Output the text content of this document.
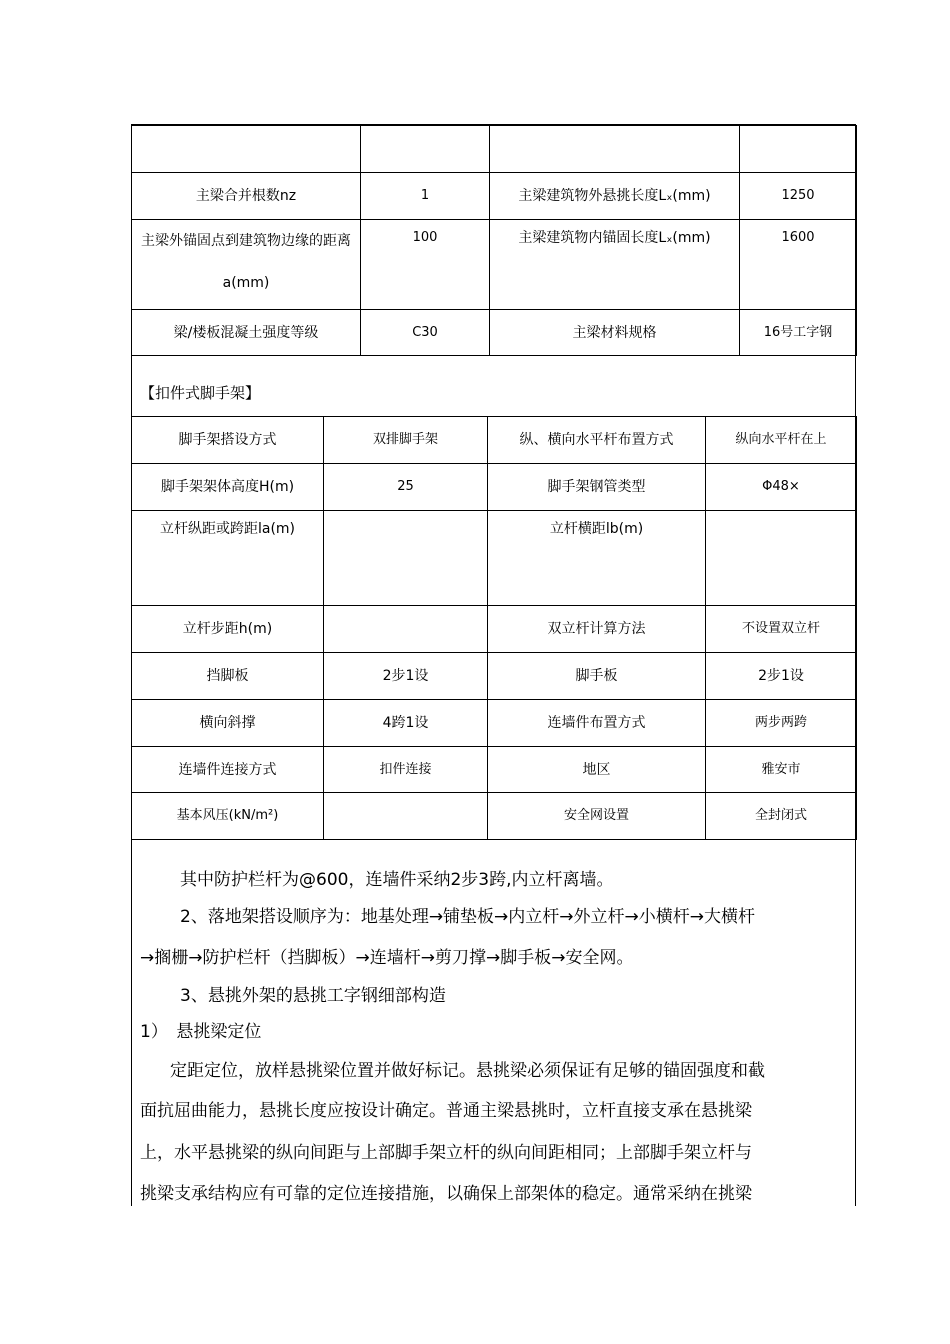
主梁合并根数nz	1	主梁建筑物外悬挑长度Lₓ(mm)	1250

主梁外锚固点到建筑物边缘的距离a(mm)	100	主梁建筑物内锚固长度Lₓ(mm)	1600
梁/楼板混凝土强度等级	C30	主梁材料规格	16号工字钢
【扣件式脚手架】
脚手架搭设方式	双排脚手架	纵、横向水平杆布置方式	纵向水平杆在上
脚手架架体高度H(m)	25	脚手架钢管类型	Φ48×
立杆纵距或跨距la(m)		立杆横距lb(m)	
立杆步距h(m)		双立杆计算方法	不设置双立杆
挡脚板	2步1设	脚手板	2步1设
横向斜撑	4跨1设	连墙件布置方式	两步两跨
连墙件连接方式	扣件连接	地区	雅安市
基本风压(kN/m²)		安全网设置	全封闭式
其中防护栏杆为@600，连墙件采纳2步3跨,内立杆离墙。
2、落地架搭设顺序为：地基处理→铺垫板→内立杆→外立杆→小横杆→大横杆
→搁栅→防护栏杆（挡脚板）→连墙杆→剪刀撑→脚手板→安全网。
3、悬挑外架的悬挑工字钢细部构造
1）　悬挑梁定位
定距定位，放样悬挑梁位置并做好标记。悬挑梁必须保证有足够的锚固强度和截
面抗屈曲能力，悬挑长度应按设计确定。普通主梁悬挑时，立杆直接支承在悬挑梁
上，水平悬挑梁的纵向间距与上部脚手架立杆的纵向间距相同；上部脚手架立杆与
挑梁支承结构应有可靠的定位连接措施，以确保上部架体的稳定。通常采纳在挑梁
